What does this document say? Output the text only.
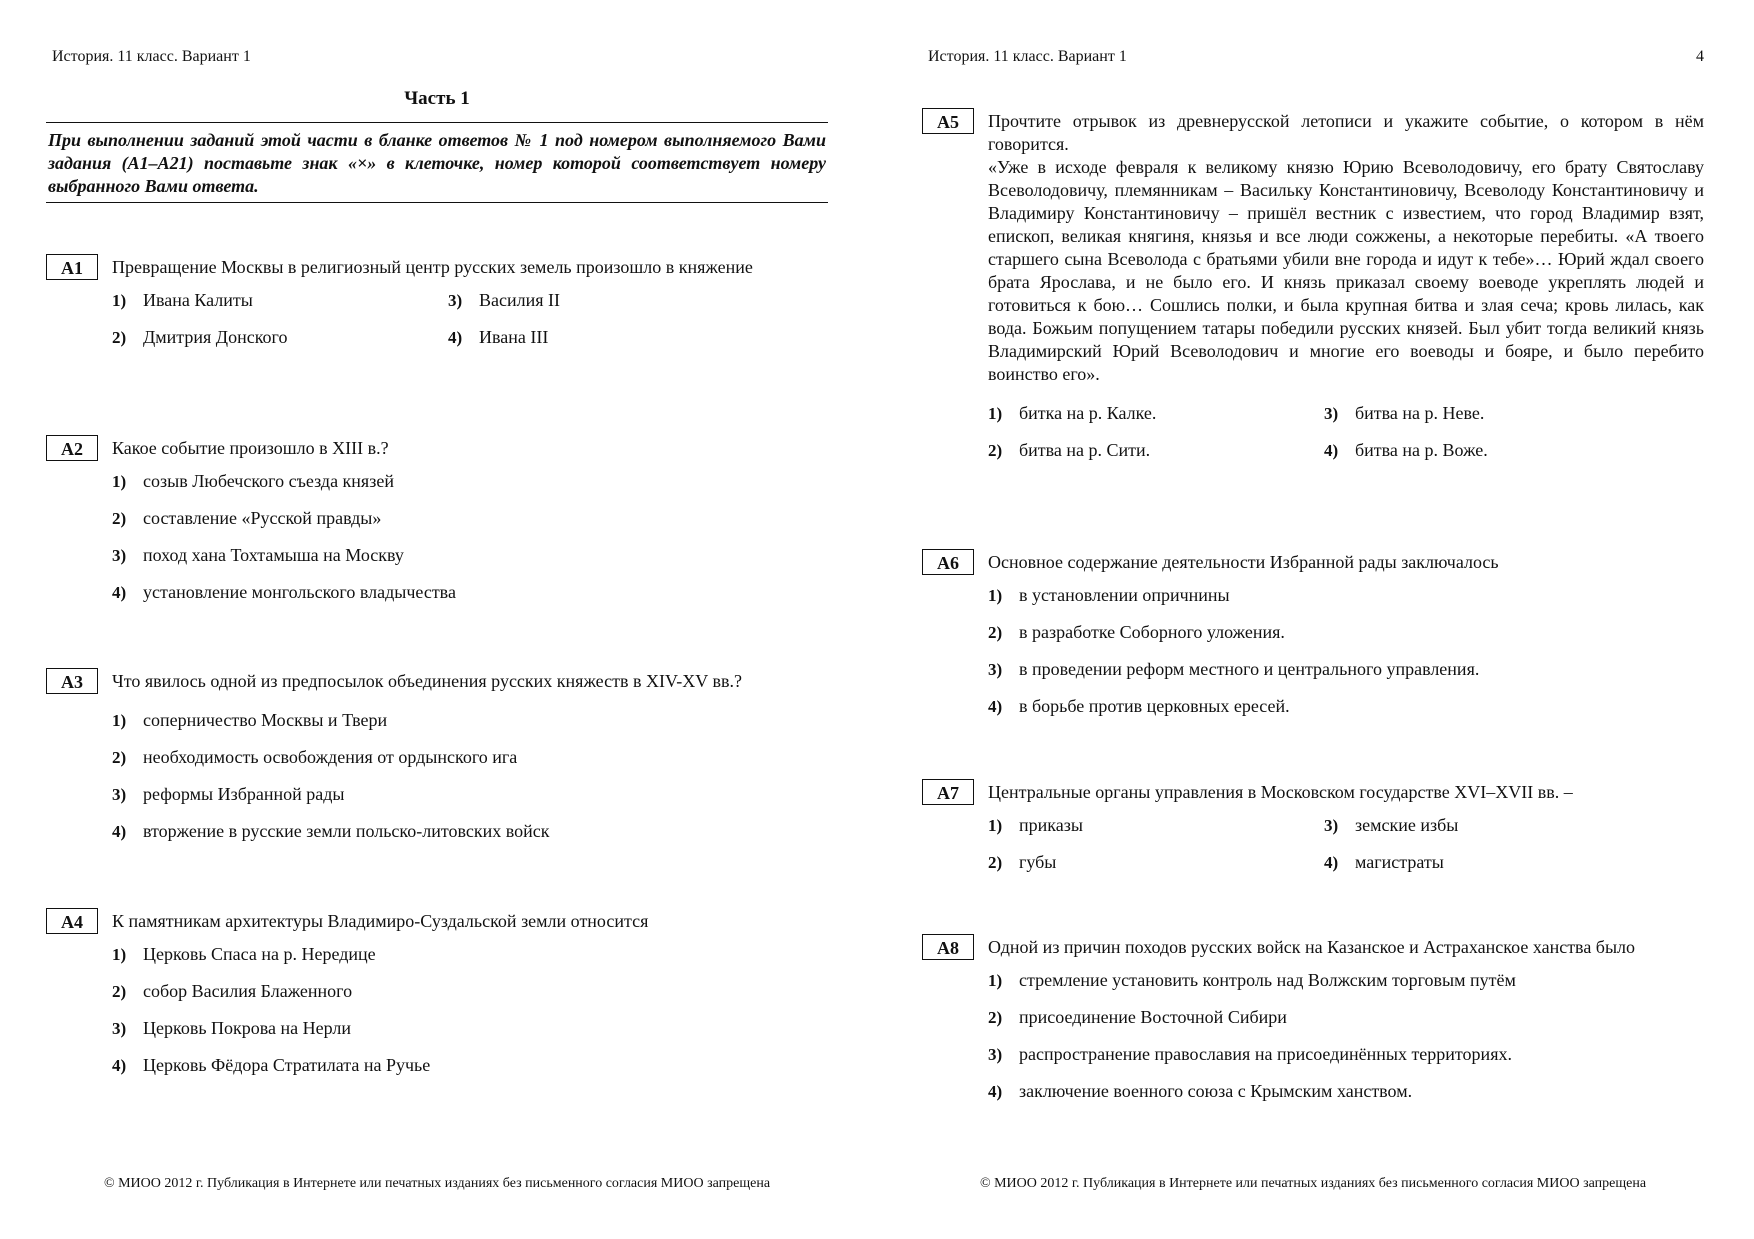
История. 11 класс. Вариант 1
Часть 1
При выполнении заданий этой части в бланке ответов № 1 под номером выполняемого Вами задания (А1–А21) поставьте знак «×» в клеточке, номер которой соответствует номеру выбранного Вами ответа.
А1	Превращение Москвы в религиозный центр русских земель произошло в княжение
1) Ивана Калиты	3) Василия II
2) Дмитрия Донского	4) Ивана III
А2	Какое событие произошло в XIII в.?
1) созыв Любечского съезда князей
2) составление «Русской правды»
3) поход хана Тохтамыша на Москву
4) установление монгольского владычества
А3	Что явилось одной из предпосылок объединения русских княжеств в XIV-XV вв.?
1) соперничество Москвы и Твери
2) необходимость освобождения от ордынского ига
3) реформы Избранной рады
4) вторжение в русские земли польско-литовских войск
А4	К памятникам архитектуры Владимиро-Суздальской земли относится
1) Церковь Спаса на р. Нередице
2) собор Василия Блаженного
3) Церковь Покрова на Нерли
4) Церковь Фёдора Стратилата на Ручье
© МИОО 2012 г. Публикация в Интернете или печатных изданиях без письменного согласия МИОО запрещена
История. 11 класс. Вариант 1	4
А5	Прочтите отрывок из древнерусской летописи и укажите событие, о котором в нём говорится.

«Уже в исходе февраля к великому князю Юрию Всеволодовичу, его брату Святославу Всеволодовичу, племянникам – Васильку Константиновичу, Всеволоду Константиновичу и Владимиру Константиновичу – пришёл вестник с известием, что город Владимир взят, епископ, великая княгиня, князья и все люди сожжены, а некоторые перебиты. «А твоего старшего сына Всеволода с братьями убили вне города и идут к тебе»… Юрий ждал своего брата Ярослава, и не было его. И князь приказал своему воеводе укреплять людей и готовиться к бою… Сошлись полки, и была крупная битва и злая сеча; кровь лилась, как вода. Божьим попущением татары победили русских князей. Был убит тогда великий князь Владимирский Юрий Всеволодович и многие его воеводы и бояре, и было перебито воинство его».

1) битка на р. Калке.	3) битва на р. Неве.
2) битва на р. Сити.	4) битва на р. Воже.
А6	Основное содержание деятельности Избранной рады заключалось
1) в установлении опричнины
2) в разработке Соборного уложения.
3) в проведении реформ местного и центрального управления.
4) в борьбе против церковных ересей.
А7	Центральные органы управления в Московском государстве XVI–XVII вв. –
1) приказы	3) земские избы
2) губы	4) магистраты
А8	Одной из причин походов русских войск на Казанское и Астраханское ханства было
1) стремление установить контроль над Волжским торговым путём
2) присоединение Восточной Сибири
3) распространение православия на присоединённых территориях.
4) заключение военного союза с Крымским ханством.
© МИОО 2012 г. Публикация в Интернете или печатных изданиях без письменного согласия МИОО запрещена
